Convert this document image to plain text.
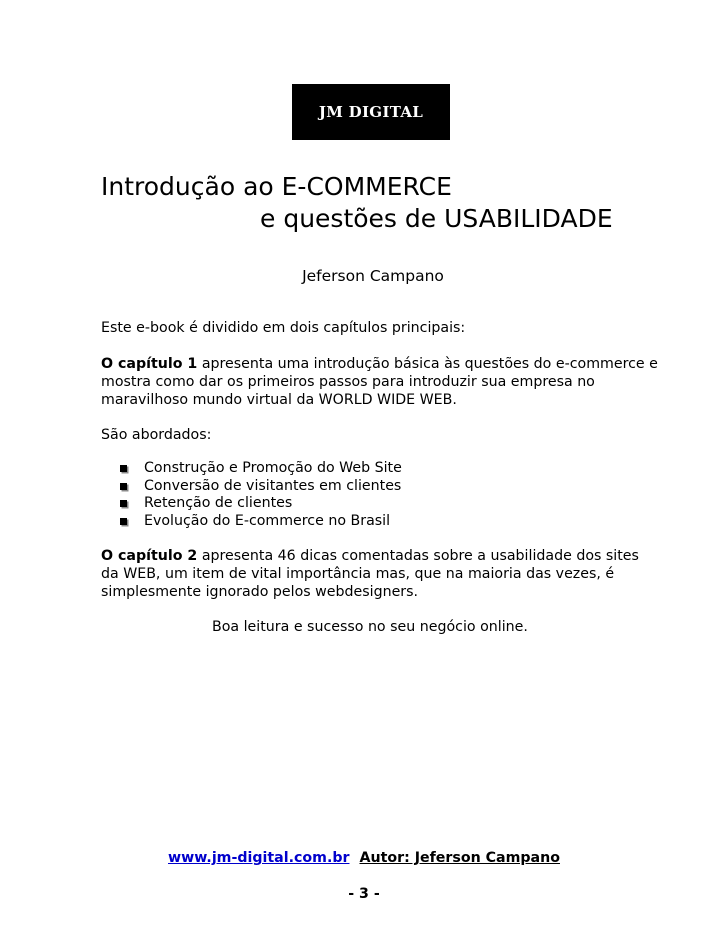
JM DIGITAL
Introdução ao E-COMMERCE
e questões de USABILIDADE
Jeferson Campano
Este e-book é dividido em dois capítulos principais:
O capítulo 1 apresenta uma introdução básica às questões do e-commerce e mostra como dar os primeiros passos para introduzir sua empresa no maravilhoso mundo virtual da WORLD WIDE WEB.
São abordados:
Construção e Promoção do Web Site
Conversão de visitantes em clientes
Retenção de clientes
Evolução do E-commerce no Brasil
O capítulo 2 apresenta 46 dicas comentadas sobre a usabilidade dos sites da WEB, um item de vital importância mas, que na maioria das vezes, é simplesmente ignorado pelos webdesigners.
Boa leitura e sucesso no seu negócio online.
www.jm-digital.com.br Autor: Jeferson Campano
- 3 -
